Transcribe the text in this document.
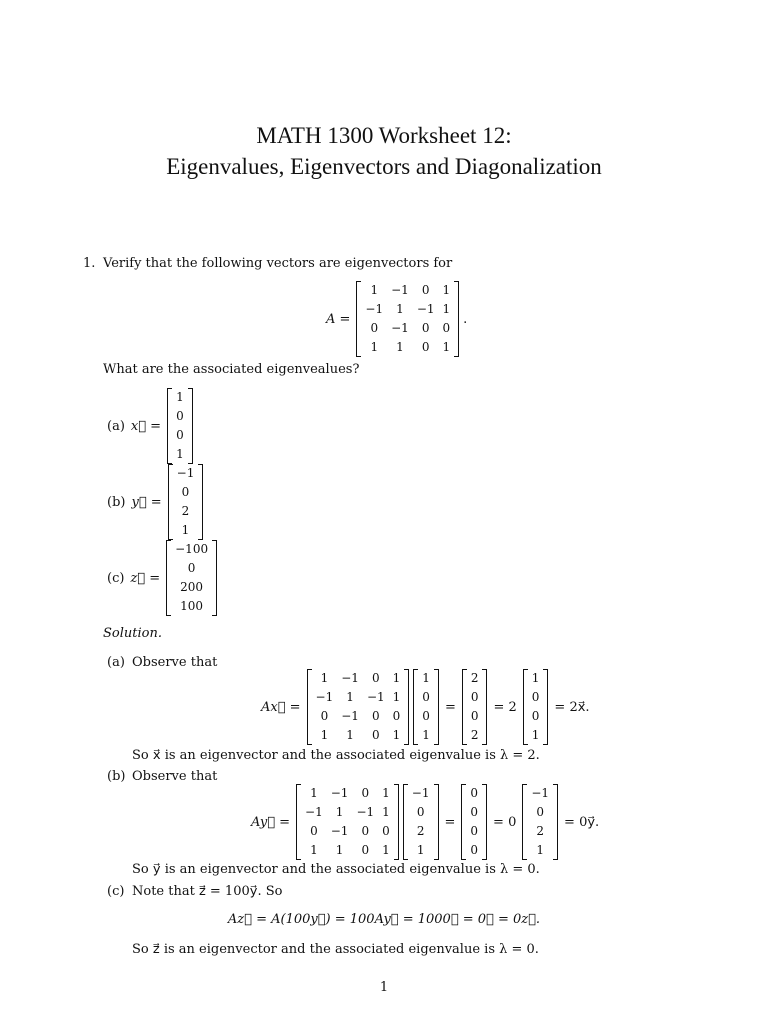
MATH 1300 Worksheet 12:
Eigenvalues, Eigenvectors and Diagonalization
1. Verify that the following vectors are eigenvectors for
A =
1	−1	0	1
−1	1	−1	1
0	−1	0	0
1	1	0	1
.
What are the associated eigenvealues?
(a) x⃗ =
1
0
0
1
(b) y⃗ =
−1
0
2
1
(c) z⃗ =
−100
0
200
100
Solution.
(a) Observe that
Ax⃗ =
1	−1	0	1
−1	1	−1	1
0	−1	0	0
1	1	0	1
1
0
0
1
=
2
0
0
2
= 2
1
0
0
1
= 2x⃗.
So x⃗ is an eigenvector and the associated eigenvalue is λ = 2.
(b) Observe that
Ay⃗ =
1	−1	0	1
−1	1	−1	1
0	−1	0	0
1	1	0	1
−1
0
2
1
=
0
0
0
0
= 0
−1
0
2
1
= 0y⃗.
So y⃗ is an eigenvector and the associated eigenvalue is λ = 0.
(c) Note that z⃗ = 100y⃗. So
Az⃗ = A(100y⃗) = 100Ay⃗ = 1000⃗ = 0⃗ = 0z⃗.
So z⃗ is an eigenvector and the associated eigenvalue is λ = 0.
1
